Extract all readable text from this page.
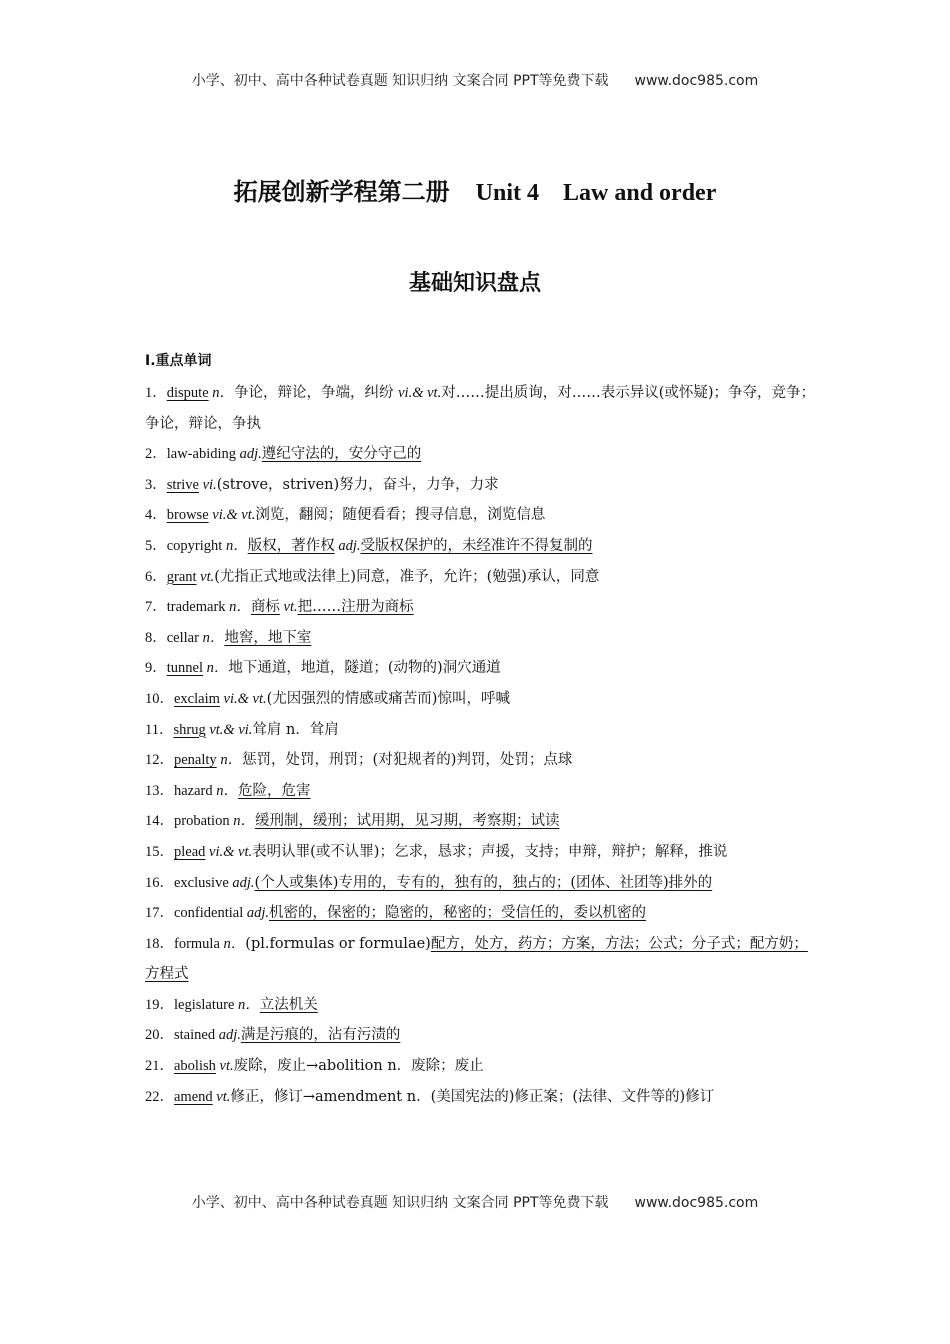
小学、初中、高中各种试卷真题 知识归纳 文案合同 PPT等免费下载 www.doc985.com
拓展创新学程第二册 Unit 4 Law and order
基础知识盘点
Ⅰ.重点单词

1．dispute n．争论，辩论，争端，纠纷 vi.& vt.对……提出质询，对……表示异议(或怀疑)；争夺，竞争；争论，辩论，争执

2．law-abiding adj.遵纪守法的，安分守己的

3．strive vi.(strove，striven)努力，奋斗，力争，力求

4．browse vi.& vt.浏览，翻阅；随便看看；搜寻信息，浏览信息

5．copyright n．版权，著作权 adj.受版权保护的，未经准许不得复制的

6．grant vt.(尤指正式地或法律上)同意，准予，允许；(勉强)承认，同意

7．trademark n．商标 vt.把……注册为商标

8．cellar n．地窖，地下室

9．tunnel n．地下通道，地道，隧道；(动物的)洞穴通道

10．exclaim vi.& vt.(尤因强烈的情感或痛苦而)惊叫，呼喊

11．shrug vt.& vi.耸肩 n．耸肩

12．penalty n．惩罚，处罚，刑罚；(对犯规者的)判罚，处罚；点球

13．hazard n．危险，危害

14．probation n．缓刑制，缓刑；试用期，见习期，考察期；试读

15．plead vi.& vt.表明认罪(或不认罪)；乞求，恳求；声援，支持；申辩，辩护；解释，推说

16．exclusive adj.(个人或集体)专用的，专有的，独有的，独占的；(团体、社团等)排外的

17．confidential adj.机密的，保密的；隐密的，秘密的；受信任的，委以机密的

18．formula n．(pl.formulas or formulae)配方，处方，药方；方案，方法；公式；分子式；配方奶；方程式

19．legislature n．立法机关

20．stained adj.满是污痕的，沾有污渍的

21．abolish vt.废除，废止→abolition n．废除；废止

22．amend vt.修正，修订→amendment n．(美国宪法的)修正案；(法律、文件等的)修订

小学、初中、高中各种试卷真题 知识归纳 文案合同 PPT等免费下载 www.doc985.com
